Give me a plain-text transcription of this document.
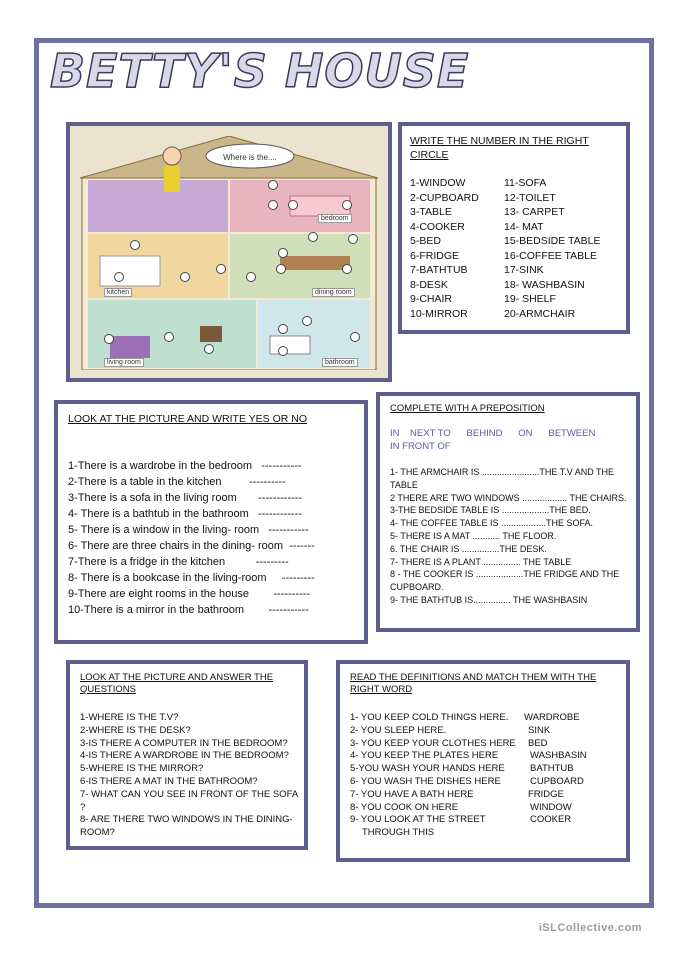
BETTY'S HOUSE
Where is the....
bedroom
kitchen	dining room
living room	bathroom

WRITE THE NUMBER IN THE RIGHT CIRCLE

1-WINDOW
2-CUPBOARD
3-TABLE
4-COOKER
5-BED
6-FRIDGE
7-BATHTUB
8-DESK
9-CHAIR
10-MIRROR
11-SOFA
12-TOILET
13- CARPET
14- MAT
15-BEDSIDE TABLE
16-COFFEE TABLE
17-SINK
18- WASHBASIN
19- SHELF
20-ARMCHAIR

LOOK AT THE PICTURE AND WRITE YES OR NO

1-There is a wardrobe in the bedroom   -----------
2-There is a table in the kitchen         ----------
3-There is a sofa in the living room       ------------
4- There is a bathtub in the bathroom   ------------
5- There is a window in the living- room   -----------
6- There are three chairs in the dining- room  -------
7-There is a fridge in the kitchen          ---------
8- There is a bookcase in the living-room     ---------
9-There are eight rooms in the house        ----------
10-There is a mirror in the bathroom        -----------

COMPLETE WITH A PREPOSITION

IN    NEXT TO      BEHIND      ON      BETWEEN
IN FRONT OF
1- THE ARMCHAIR IS .......................THE T.V AND THE TABLE
2 THERE ARE TWO WINDOWS .................. THE CHAIRS.
3-THE BEDSIDE TABLE IS ...................THE BED.
4- THE COFFEE TABLE IS ..................THE SOFA.
5- THERE IS A MAT ........... THE FLOOR.
6. THE CHAIR IS ...............THE DESK.
7- THERE IS A PLANT ............... THE TABLE
8 - THE COOKER IS ...................THE FRIDGE AND THE CUPBOARD.
9- THE BATHTUB IS............... THE WASHBASIN

LOOK AT THE PICTURE AND ANSWER THE QUESTIONS

1-WHERE IS THE T.V?
2-WHERE IS THE DESK?
3-IS THERE A COMPUTER IN THE BEDROOM?
4-IS THERE A WARDROBE IN THE BEDROOM?
5-WHERE IS THE MIRROR?
6-IS THERE A MAT IN THE BATHROOM?
7- WHAT CAN YOU SEE IN FRONT OF THE SOFA ?
8- ARE THERE TWO WINDOWS IN THE DINING-ROOM?

READ THE DEFINITIONS AND MATCH THEM WITH THE RIGHT WORD

1- YOU KEEP COLD THINGS HERE.
2- YOU SLEEP HERE.
3- YOU KEEP YOUR CLOTHES HERE
4- YOU KEEP THE PLATES HERE
5-YOU WASH YOUR HANDS HERE
6- YOU WASH THE DISHES HERE
7- YOU HAVE A BATH HERE
8- YOU COOK ON HERE
9- YOU LOOK AT THE STREET
THROUGH THIS
WARDROBE
SINK
BED
WASHBASIN
BATHTUB
CUPBOARD
FRIDGE
WINDOW
COOKER
iSLCollective.com
